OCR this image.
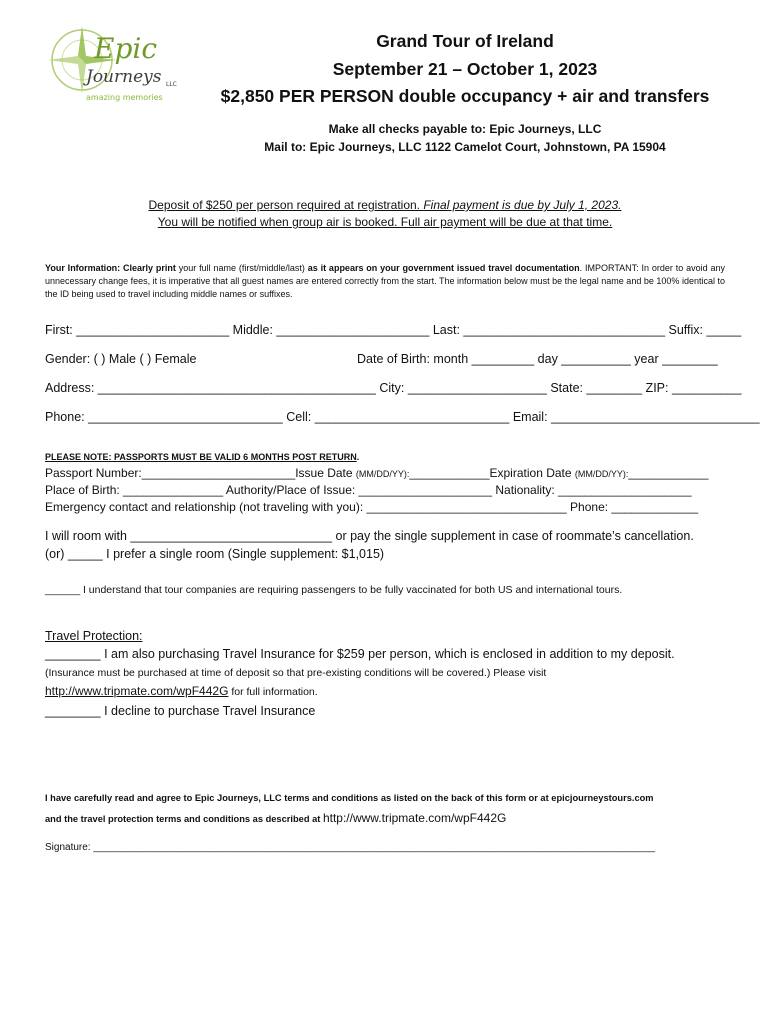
Epic
Journeys LLC
amazing memories
Grand Tour of Ireland
September 21 – October 1, 2023
$2,850 PER PERSON double occupancy + air and transfers
Make all checks payable to: Epic Journeys, LLC
Mail to: Epic Journeys, LLC 1122 Camelot Court, Johnstown, PA 15904
Deposit of $250 per person required at registration. Final payment is due by July 1, 2023.
You will be notified when group air is booked. Full air payment will be due at that time.
Your Information: Clearly print your full name (first/middle/last) as it appears on your government issued travel documentation. IMPORTANT: In order to avoid any unnecessary change fees, it is imperative that all guest names are entered correctly from the start. The information below must be the legal name and be 100% identical to the ID being used to travel including middle names or suffixes.
First: ______________________ Middle: ______________________ Last: _____________________________ Suffix: _____
Gender: ( ) Male ( ) Female	Date of Birth: month _________ day __________ year ________
Address: ________________________________________ City: ____________________ State: ________ ZIP: __________
Phone: ____________________________ Cell: ____________________________ Email: ______________________________
PLEASE NOTE: PASSPORTS MUST BE VALID 6 MONTHS POST RETURN.
Passport Number:_______________________Issue Date (MM/DD/YY):____________Expiration Date (MM/DD/YY):____________
Place of Birth: _______________ Authority/Place of Issue: ____________________ Nationality: ____________________
Emergency contact and relationship (not traveling with you): ______________________________ Phone: _____________
I will room with _____________________________ or pay the single supplement in case of roommate’s cancellation.
(or) _____ I prefer a single room (Single supplement: $1,015)
______ I understand that tour companies are requiring passengers to be fully vaccinated for both US and international tours.
Travel Protection:
________ I am also purchasing Travel Insurance for $259 per person, which is enclosed in addition to my deposit.
(Insurance must be purchased at time of deposit so that pre-existing conditions will be covered.) Please visit
http://www.tripmate.com/wpF442G for full information.
________ I decline to purchase Travel Insurance
I have carefully read and agree to Epic Journeys, LLC terms and conditions as listed on the back of this form or at epicjourneystours.com
and the travel protection terms and conditions as described at http://www.tripmate.com/wpF442G
Signature: _____________________________________________________________________________________________________
